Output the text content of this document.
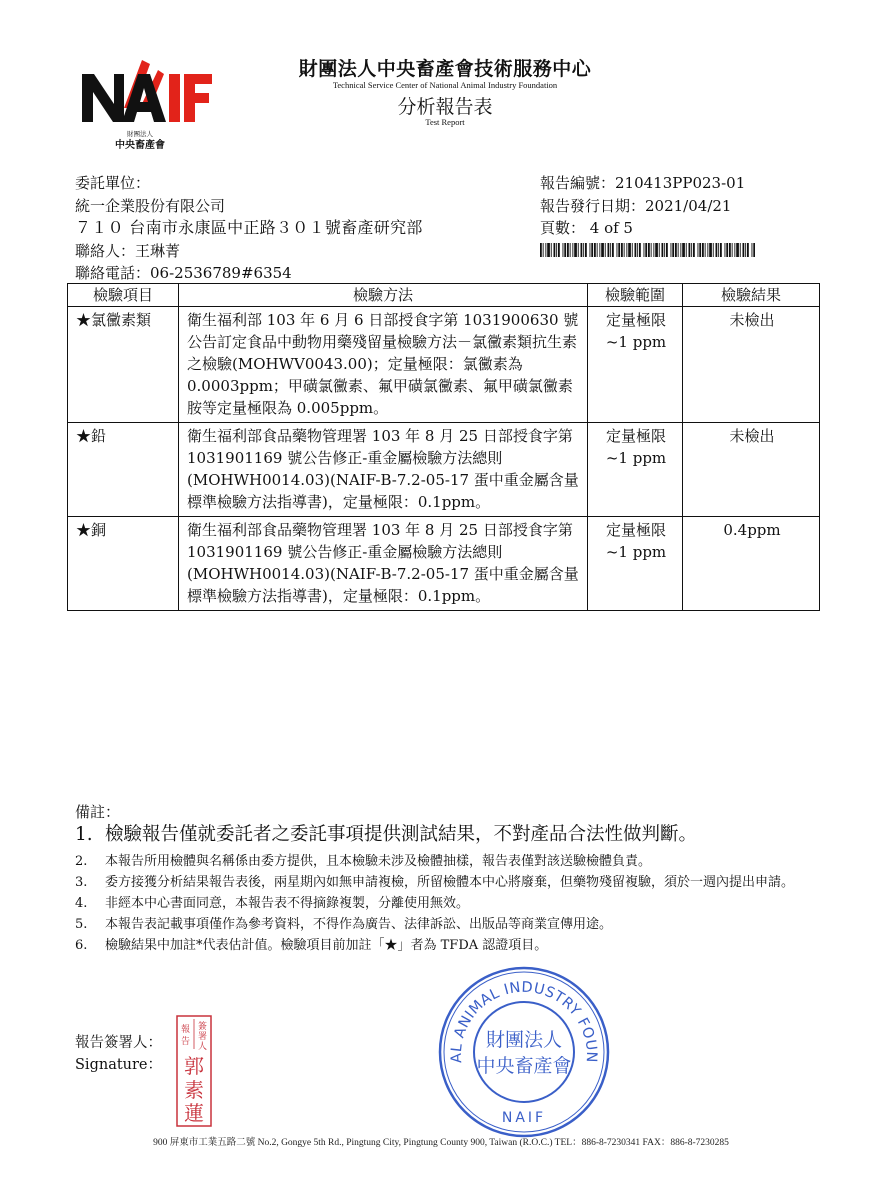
財團法人
中央畜產會
財團法人中央畜產會技術服務中心
Technical Service Center of National Animal Industry Foundation
分析報告表
Test Report
委託單位：
統一企業股份有限公司
７１０ 台南市永康區中正路３０１號畜產研究部
聯絡人：王琳菁
聯絡電話：06-2536789#6354
報告編號：210413PP023-01
報告發行日期：2021/04/21
頁數： 4 of 5
檢驗項目	檢驗方法	檢驗範圍	檢驗結果
★氯黴素類	衛生福利部 103 年 6 月 6 日部授食字第 1031900630 號公告訂定食品中動物用藥殘留量檢驗方法－氯黴素類抗生素之檢驗(MOHWV0043.00)；定量極限：氯黴素為 0.0003ppm；甲磺氯黴素、氟甲磺氯黴素、氟甲磺氯黴素胺等定量極限為 0.005ppm。	定量極限~1 ppm	未檢出
★鉛	衛生福利部食品藥物管理署 103 年 8 月 25 日部授食字第 1031901169 號公告修正-重金屬檢驗方法總則(MOHWH0014.03)(NAIF-B-7.2-05-17 蛋中重金屬含量標準檢驗方法指導書)，定量極限：0.1ppm。	定量極限~1 ppm	未檢出
★銅	衛生福利部食品藥物管理署 103 年 8 月 25 日部授食字第 1031901169 號公告修正-重金屬檢驗方法總則(MOHWH0014.03)(NAIF-B-7.2-05-17 蛋中重金屬含量標準檢驗方法指導書)，定量極限：0.1ppm。	定量極限~1 ppm	0.4ppm
備註：
1. 檢驗報告僅就委託者之委託事項提供測試結果，不對產品合法性做判斷。
2. 本報告所用檢體與名稱係由委方提供，且本檢驗未涉及檢體抽樣，報告表僅對該送驗檢體負責。
3. 委方接獲分析結果報告表後，兩星期內如無申請複檢，所留檢體本中心將廢棄，但藥物殘留複驗，須於一週內提出申請。
4. 非經本中心書面同意，本報告表不得摘錄複製，分離使用無效。
5. 本報告表記載事項僅作為參考資料，不得作為廣告、法律訴訟、出版品等商業宣傳用途。
6. 檢驗結果中加註*代表估計值。檢驗項目前加註「★」者為 TFDA 認證項目。
報告簽署人：
Signature：
報
告
簽
署
人
郭
素
蓮
AL ANIMAL INDUSTRY FOUN
NAIF
財團法人
中央畜產會
900 屏東市工業五路二號 No.2, Gongye 5th Rd., Pingtung City, Pingtung County 900, Taiwan (R.O.C.) TEL：886-8-7230341 FAX：886-8-7230285
